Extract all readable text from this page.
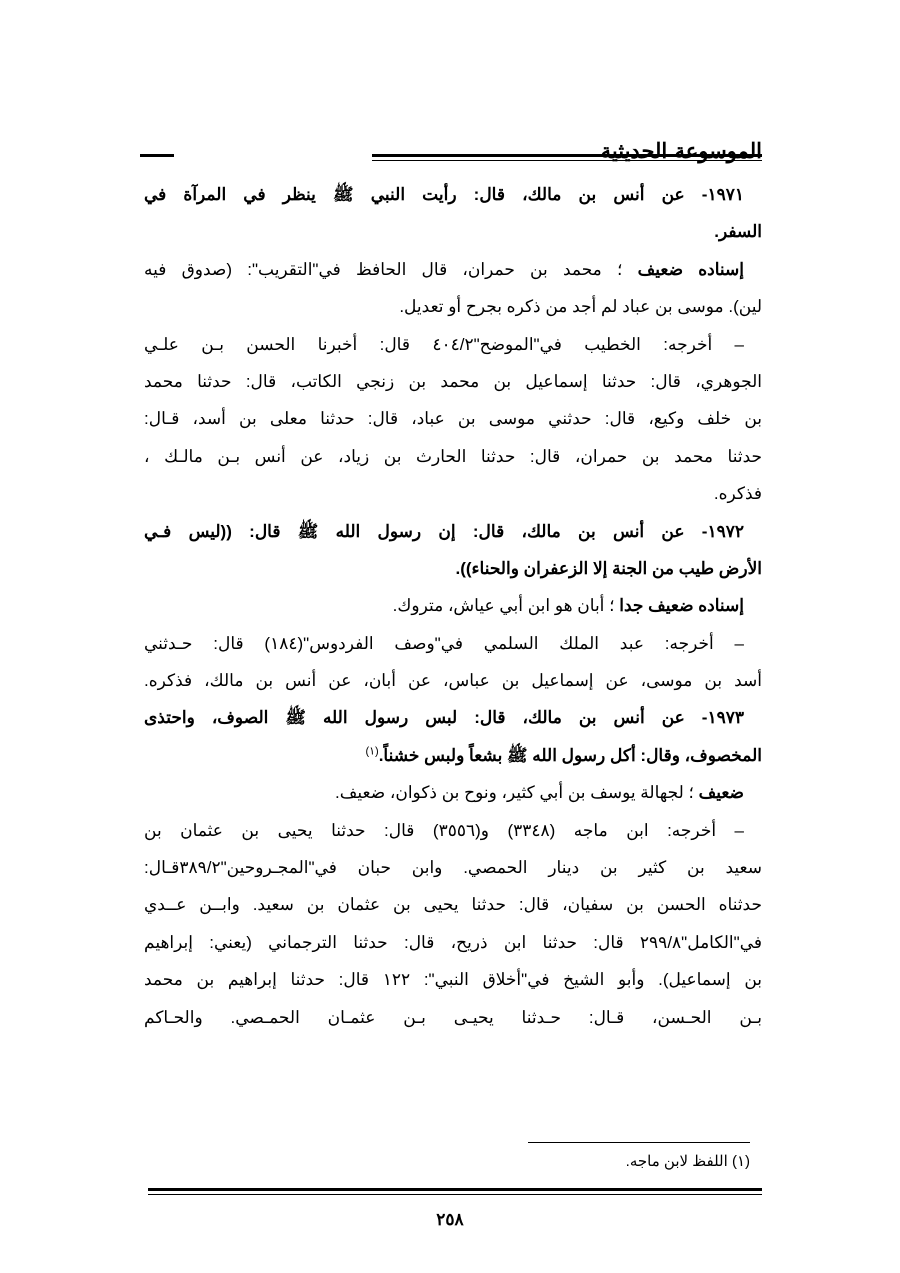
الموسوعة الحديثية
١٩٧١- عن أنس بن مالك، قال: رأيت النبي ﷺ ينظر في المرآة في
السفر.
إسناده ضعيف ؛ محمد بن حمران، قال الحافظ في"التقريب": (صدوق فيه
لين). موسى بن عباد لم أجد من ذكره بجرح أو تعديل.
– أخرجه: الخطيب في"الموضح"٤٠٤/٢ قال: أخبرنا الحسن بـن علـي
الجوهري، قال: حدثنا إسماعيل بن محمد بن زنجي الكاتب، قال: حدثنا محمد
بن خلف وكيع، قال: حدثني موسى بن عباد، قال: حدثنا معلى بن أسد، قـال:
حدثنا محمد بن حمران، قال: حدثنا الحارث بن زياد، عن أنس بـن مالـك ،
فذكره.
١٩٧٢- عن أنس بن مالك، قال: إن رسول الله ﷺ قال: ((ليس فـي
الأرض طيب من الجنة إلا الزعفران والحناء)).
إسناده ضعيف جدا ؛ أبان هو ابن أبي عياش، متروك.
– أخرجه: عبد الملك السلمي في"وصف الفردوس"(١٨٤) قال: حـدثني
أسد بن موسى، عن إسماعيل بن عباس، عن أبان، عن أنس بن مالك، فذكره.
١٩٧٣- عن أنس بن مالك، قال: لبس رسول الله ﷺ الصوف، واحتذى
المخصوف، وقال: أكل رسول الله ﷺ بشعاً ولبس خشناً.$^{(١)}$
ضعيف ؛ لجهالة يوسف بن أبي كثير، ونوح بن ذكوان، ضعيف.
– أخرجه: ابن ماجه (٣٣٤٨) و(٣٥٥٦) قال: حدثنا يحيى بن عثمان بن
سعيد بن كثير بن دينار الحمصي. وابن حبان في"المجـروحين"٣٨٩/٢قـال:
حدثناه الحسن بن سفيان، قال: حدثنا يحيى بن عثمان بن سعيد. وابــن عــدي
في"الكامل"٢٩٩/٨ قال: حدثنا ابن ذريح، قال: حدثنا الترجماني (يعني: إبراهيم
بن إسماعيل). وأبو الشيخ في"أخلاق النبي": ١٢٢ قال: حدثنا إبراهيم بن محمد
بـن الحـسن، قـال: حـدثنا يحيـى بـن عثمـان الحمـصي. والحـاكم
(١) اللفظ لابن ماجه.
٢٥٨
